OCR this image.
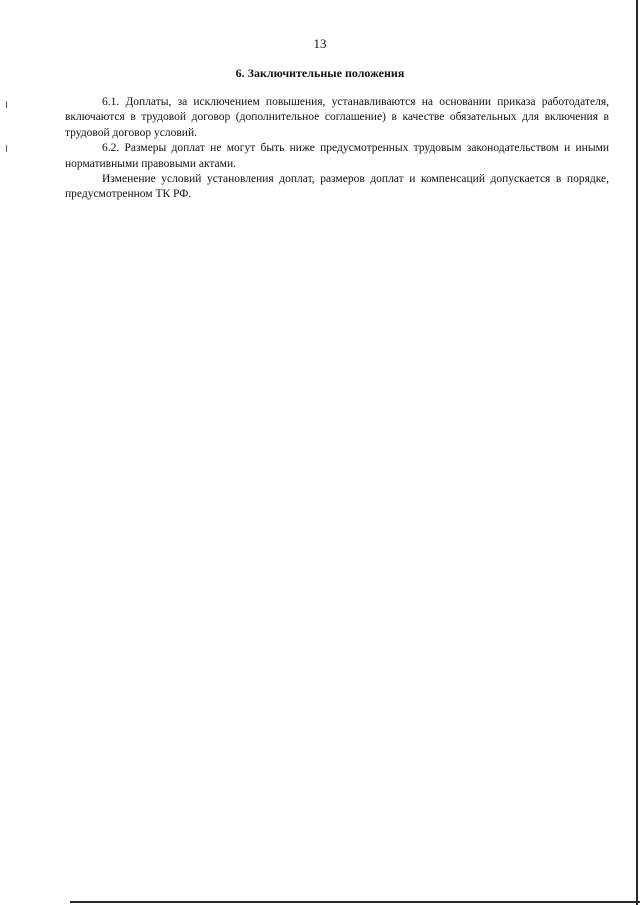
13
6. Заключительные положения

6.1. Доплаты, за исключением повышения, устанавливаются на основании приказа работодателя, включаются в трудовой договор (дополнительное соглашение) в качестве обязательных для включения в трудовой договор условий.

6.2. Размеры доплат не могут быть ниже предусмотренных трудовым законодательством и иными нормативными правовыми актами.

Изменение условий установления доплат, размеров доплат и компенсаций допускается в порядке, предусмотренном ТК РФ.
